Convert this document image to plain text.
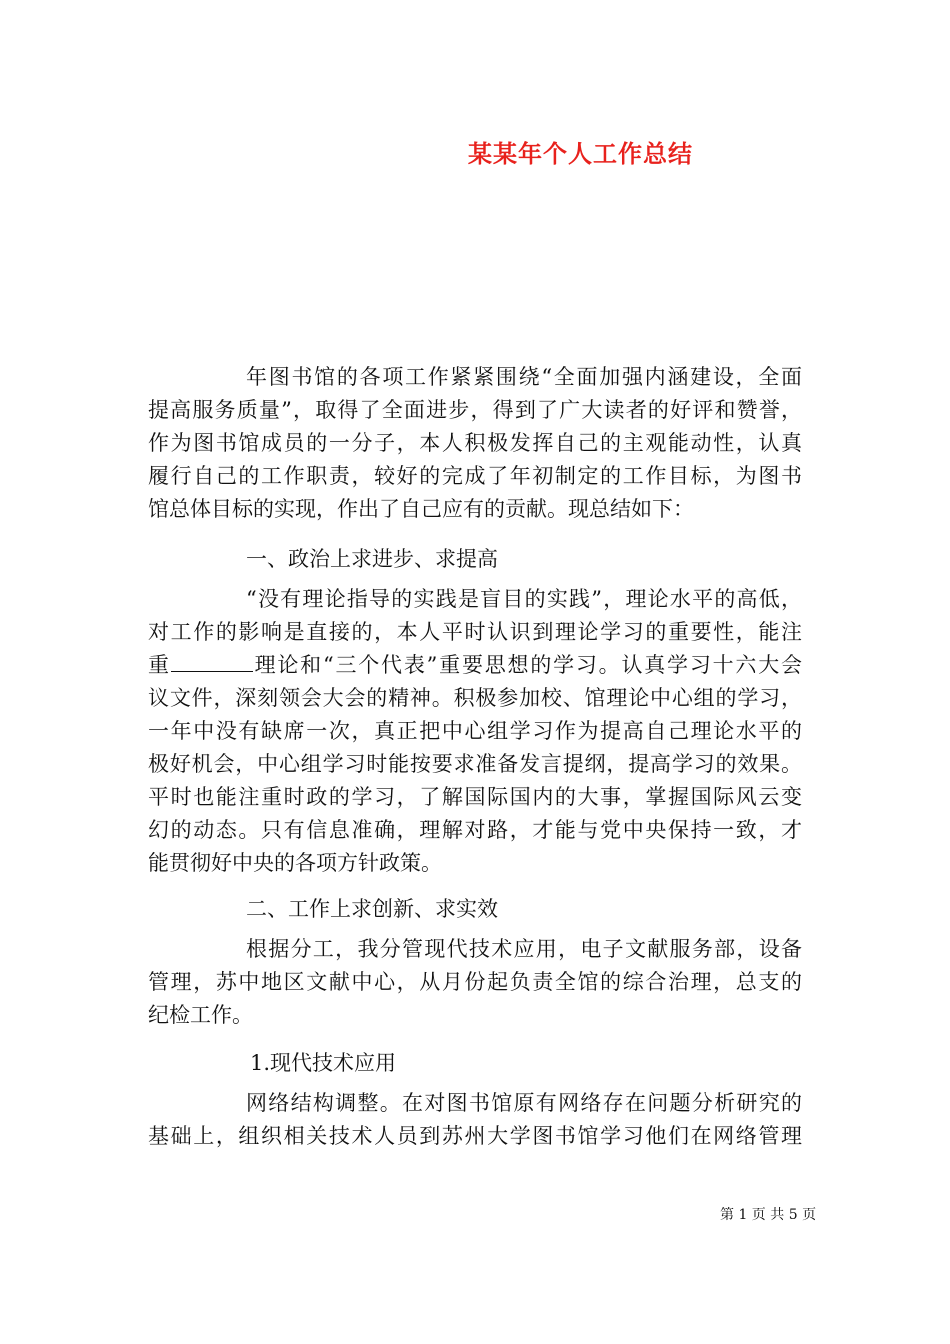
某某年个人工作总结
年图书馆的各项工作紧紧围绕“全面加强内涵建设，全面
提高服务质量”，取得了全面进步，得到了广大读者的好评和赞誉，
作为图书馆成员的一分子，本人积极发挥自己的主观能动性，认真
履行自己的工作职责，较好的完成了年初制定的工作目标，为图书
馆总体目标的实现，作出了自己应有的贡献。现总结如下：
一、政治上求进步、求提高
“没有理论指导的实践是盲目的实践”，理论水平的高低，
对工作的影响是直接的，本人平时认识到理论学习的重要性，能注
重	理论和“三个代表”重要思想的学习。认真学习十六大会
议文件，深刻领会大会的精神。积极参加校、馆理论中心组的学习，
一年中没有缺席一次，真正把中心组学习作为提高自己理论水平的
极好机会，中心组学习时能按要求准备发言提纲，提高学习的效果。
平时也能注重时政的学习，了解国际国内的大事，掌握国际风云变
幻的动态。只有信息准确，理解对路，才能与党中央保持一致，才
能贯彻好中央的各项方针政策。
二、工作上求创新、求实效
根据分工，我分管现代技术应用，电子文献服务部，设备
管理，苏中地区文献中心，从月份起负责全馆的综合治理，总支的
纪检工作。
1.现代技术应用
网络结构调整。在对图书馆原有网络存在问题分析研究的
基础上，组织相关技术人员到苏州大学图书馆学习他们在网络管理
第 1 页 共 5 页
